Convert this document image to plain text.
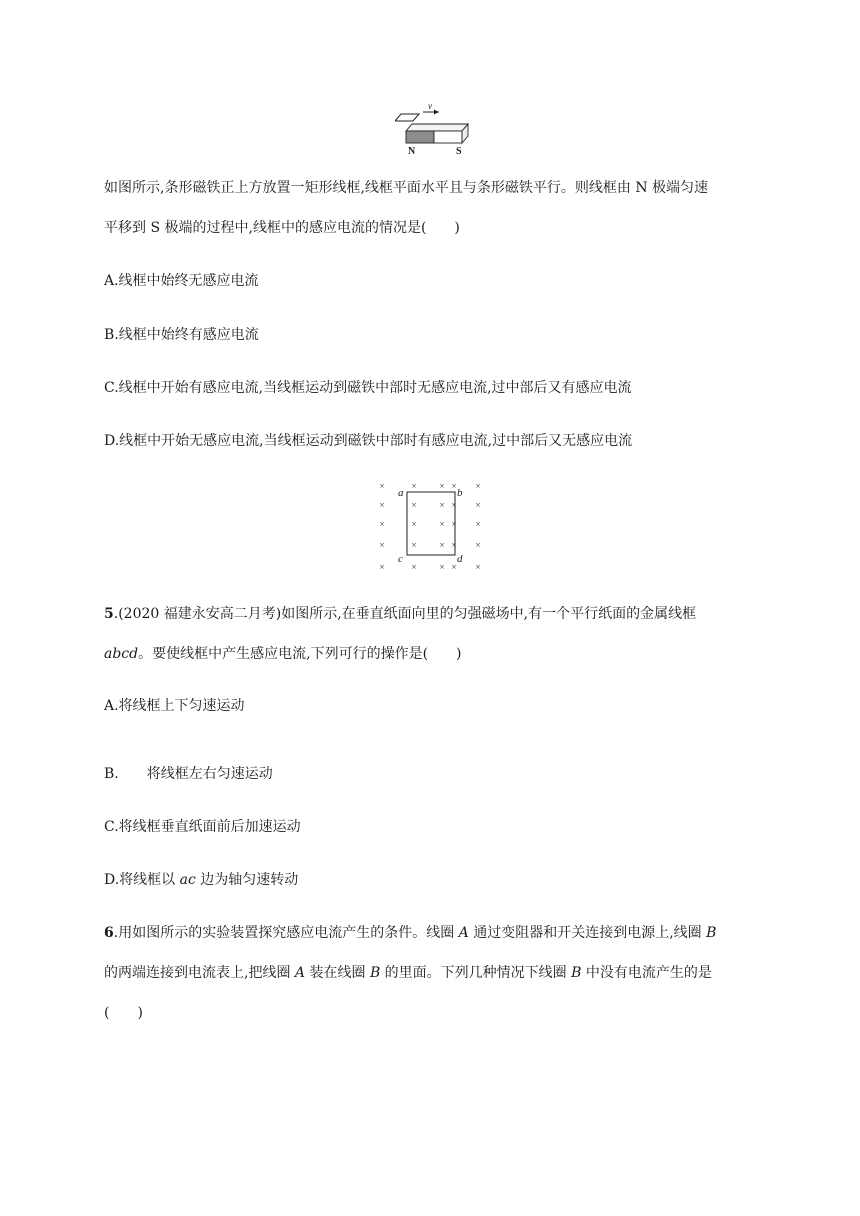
v
N	S
如图所示,条形磁铁正上方放置一矩形线框,线框平面水平且与条形磁铁平行。则线框由 N 极端匀速
平移到 S 极端的过程中,线框中的感应电流的情况是(　　)
A.线框中始终无感应电流
B.线框中始终有感应电流
C.线框中开始有感应电流,当线框运动到磁铁中部时无感应电流,过中部后又有感应电流
D.线框中开始无感应电流,当线框运动到磁铁中部时有感应电流,过中部后又无感应电流
×	×	× × ×
×	×	× × ×
×	×	× × ×
×	×	× × ×
×	×	× × ×
a	b
c	d
5.(2020 福建永安高二月考)如图所示,在垂直纸面向里的匀强磁场中,有一个平行纸面的金属线框
abcd。要使线框中产生感应电流,下列可行的操作是(　　)
A.将线框上下匀速运动
B. 将线框左右匀速运动
C.将线框垂直纸面前后加速运动
D.将线框以 ac 边为轴匀速转动
6.用如图所示的实验装置探究感应电流产生的条件。线圈 A 通过变阻器和开关连接到电源上,线圈 B
的两端连接到电流表上,把线圈 A 装在线圈 B 的里面。下列几种情况下线圈 B 中没有电流产生的是
(　　)
